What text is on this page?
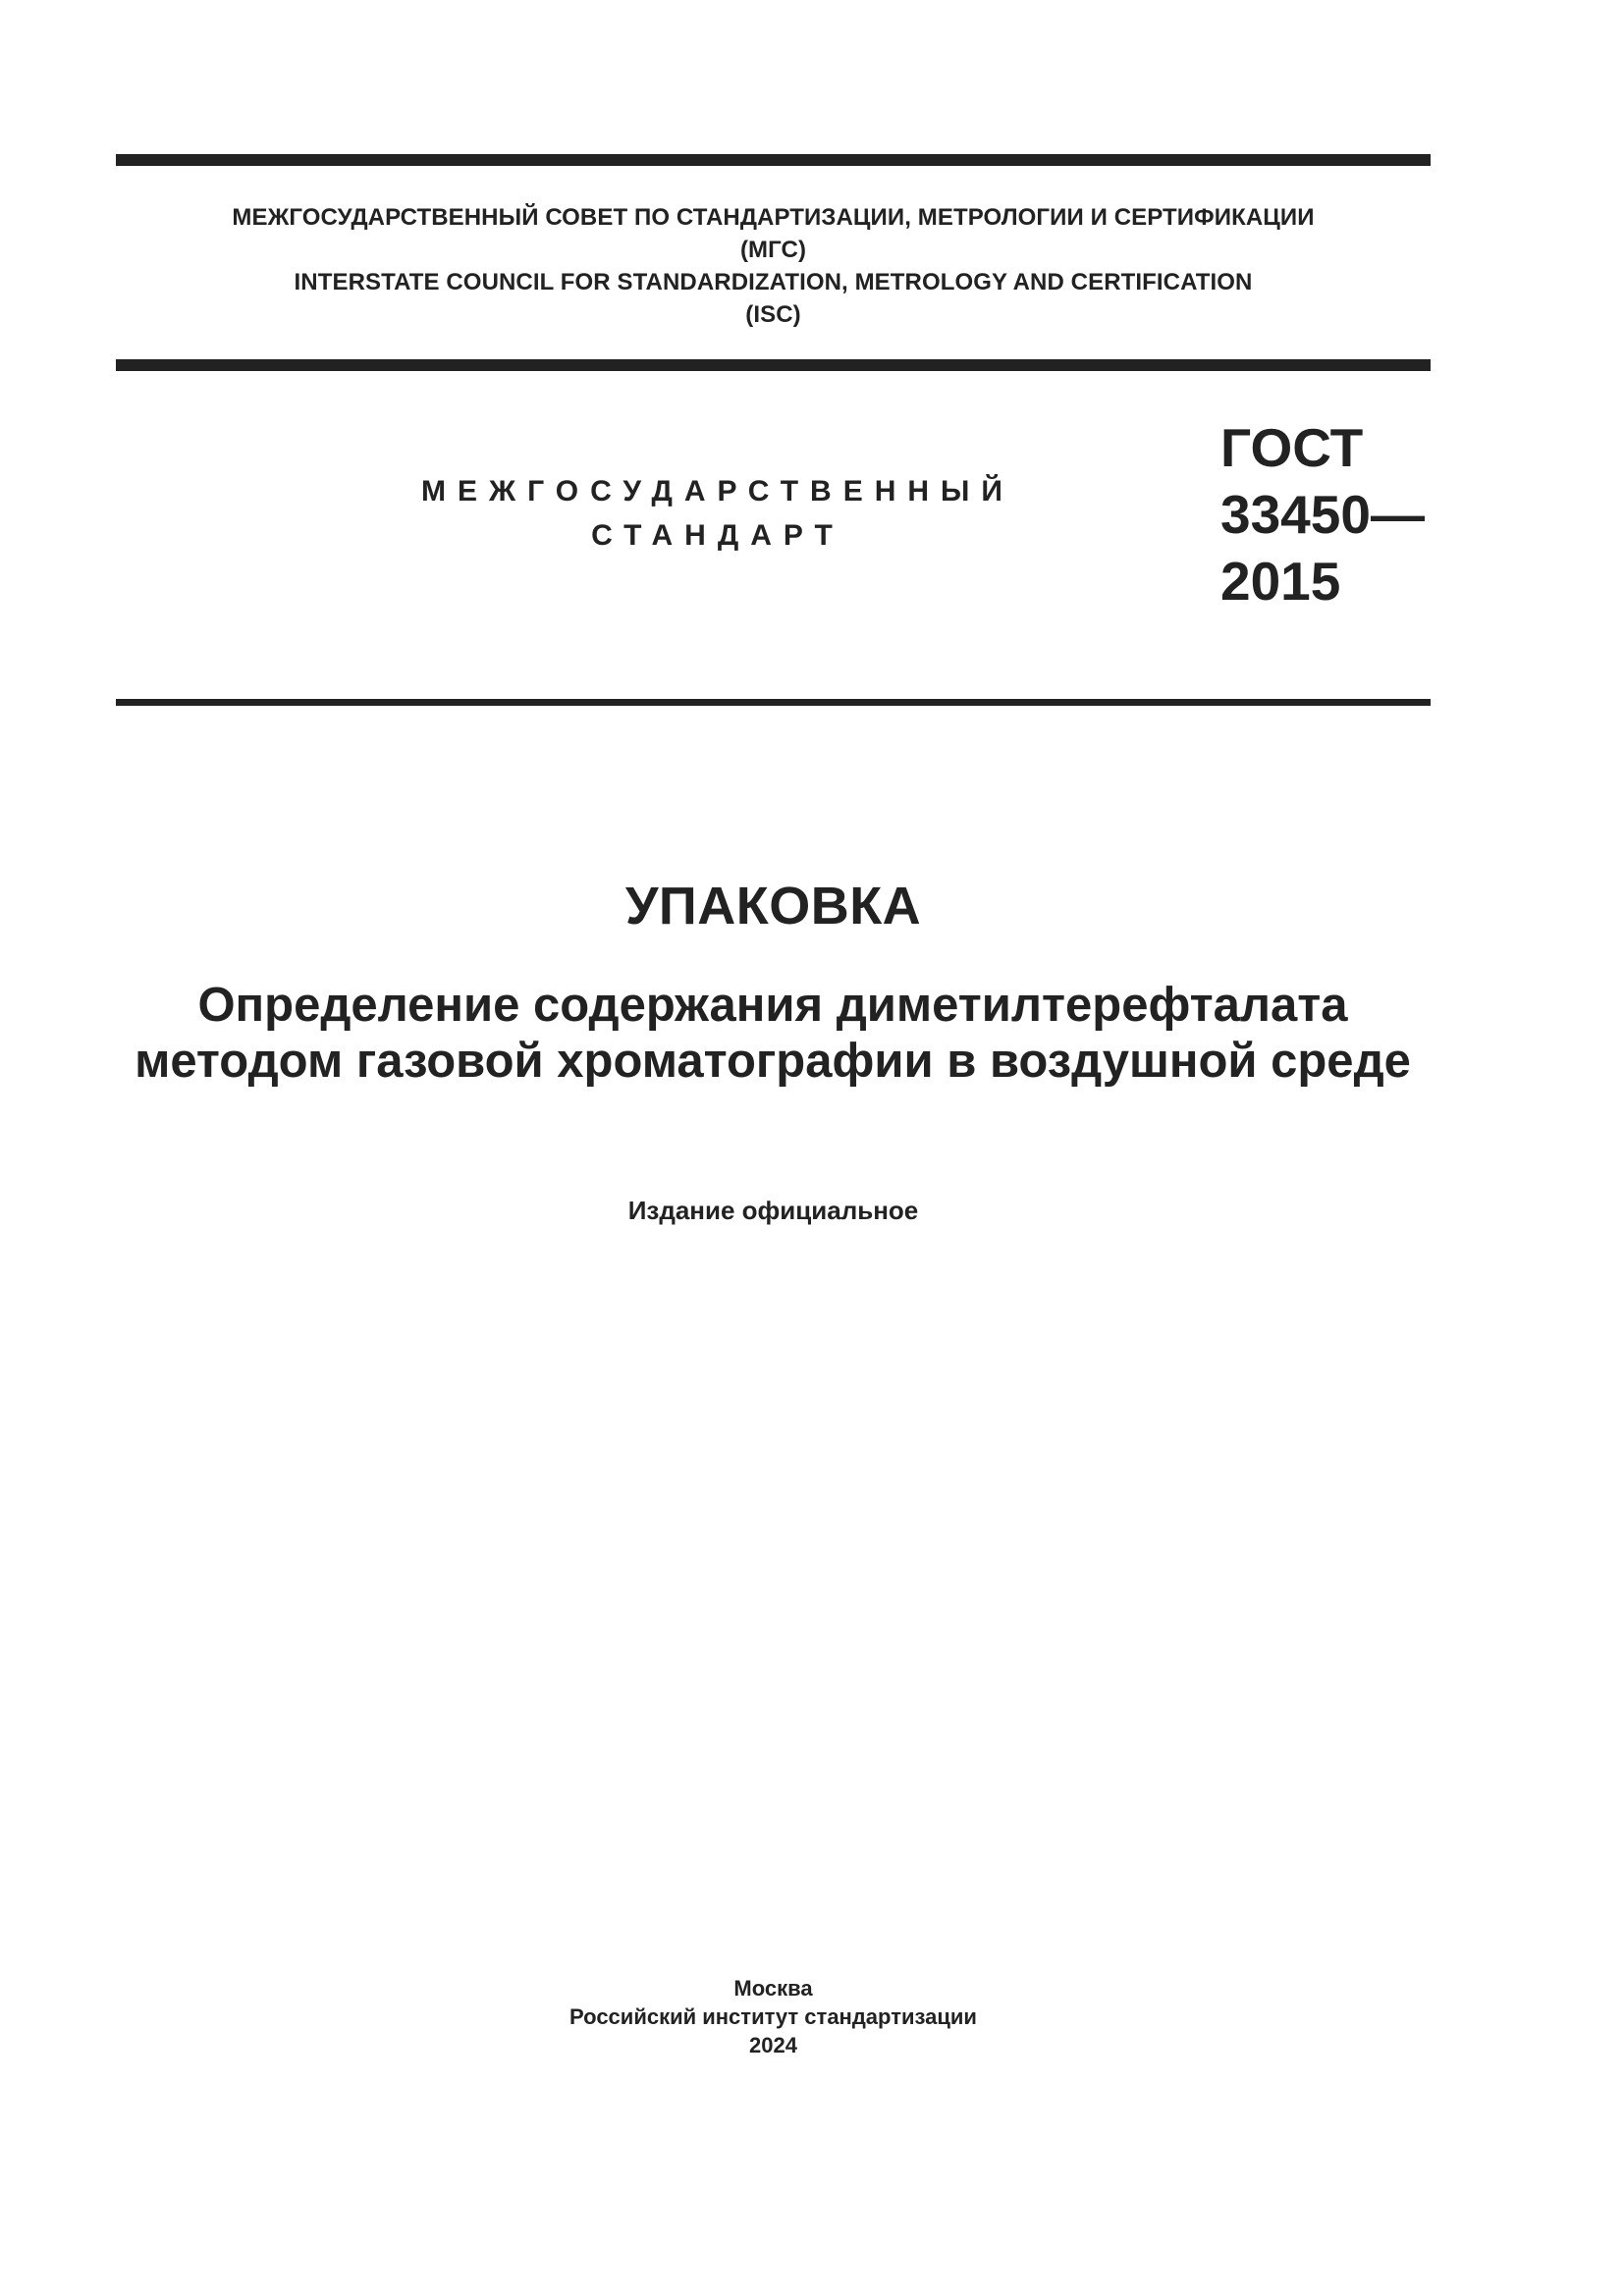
МЕЖГОСУДАРСТВЕННЫЙ СОВЕТ ПО СТАНДАРТИЗАЦИИ, МЕТРОЛОГИИ И СЕРТИФИКАЦИИ
(МГС)
INTERSTATE COUNCIL FOR STANDARDIZATION, METROLOGY AND CERTIFICATION
(ISC)
МЕЖГОСУДАРСТВЕННЫЙ
СТАНДАРТ
ГОСТ
33450—
2015
УПАКОВКА
Определение содержания диметилтерефталата
методом газовой хроматографии в воздушной среде
Издание официальное
Москва
Российский институт стандартизации
2024
